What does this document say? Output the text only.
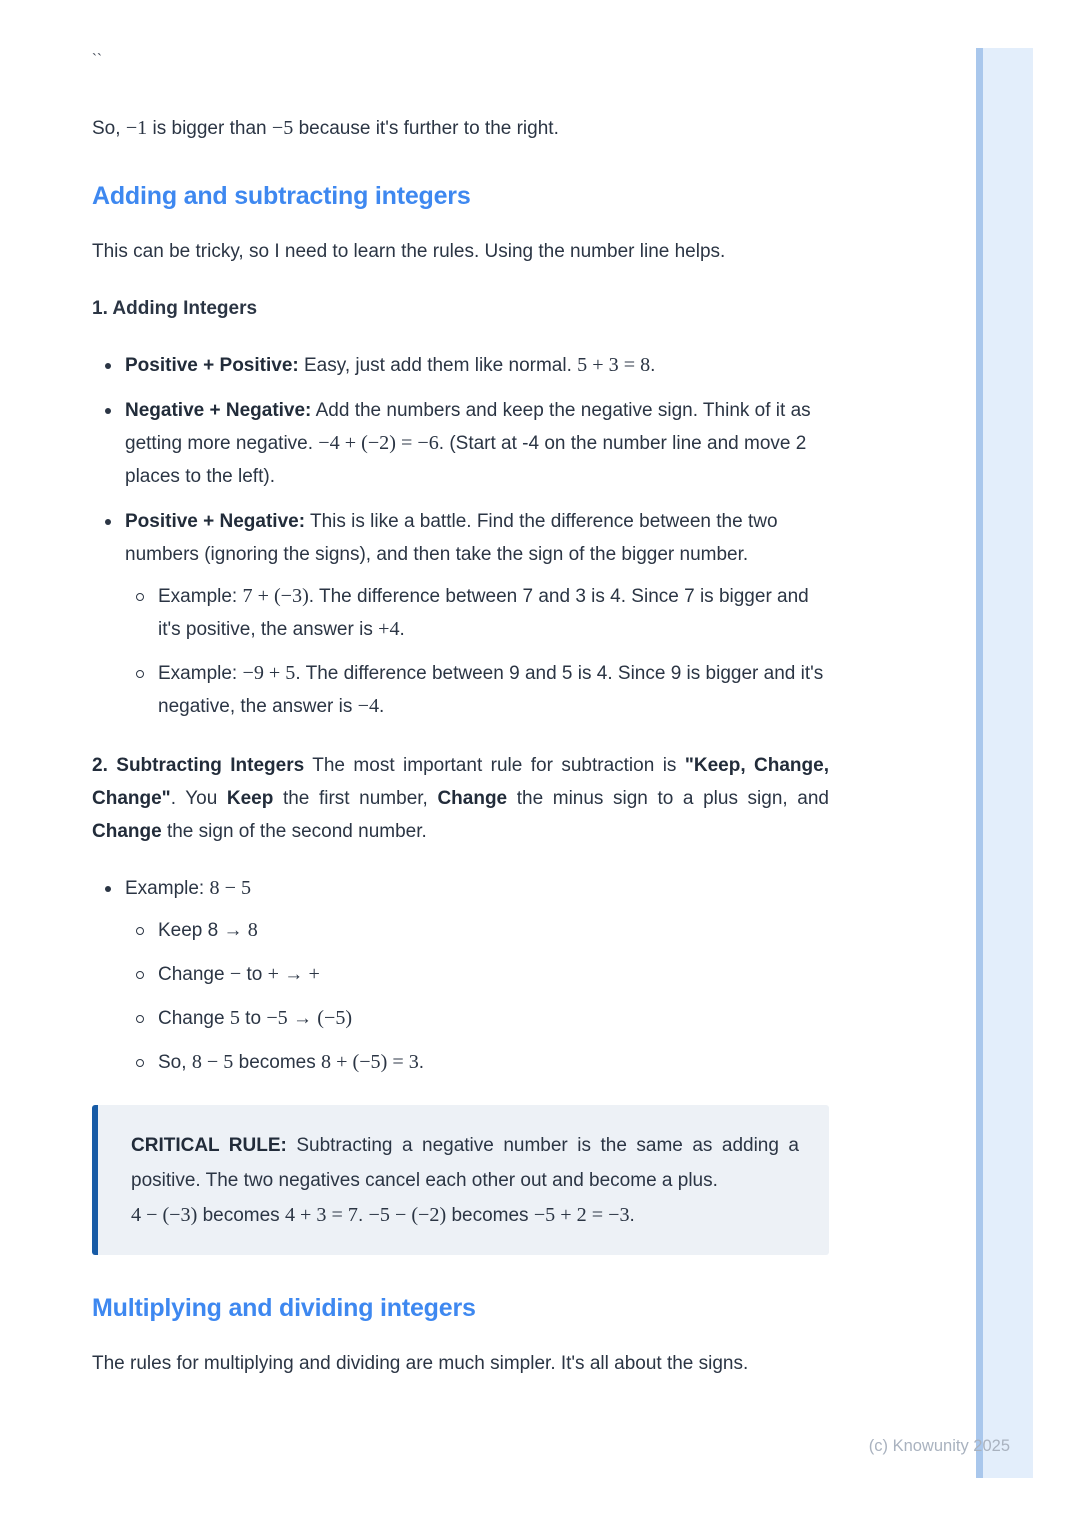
``

So, −1 is bigger than −5 because it's further to the right.

Adding and subtracting integers

This can be tricky, so I need to learn the rules. Using the number line helps.

1. Adding Integers

Positive + Positive: Easy, just add them like normal. 5 + 3 = 8.
Negative + Negative: Add the numbers and keep the negative sign. Think of it as getting more negative. −4 + (−2) = −6. (Start at -4 on the number line and move 2 places to the left).
Positive + Negative: This is like a battle. Find the difference between the two numbers (ignoring the signs), and then take the sign of the bigger number.
Example: 7 + (−3). The difference between 7 and 3 is 4. Since 7 is bigger and it's positive, the answer is +4.
Example: −9 + 5. The difference between 9 and 5 is 4. Since 9 is bigger and it's negative, the answer is −4.

2. Subtracting Integers The most important rule for subtraction is "Keep, Change, Change". You Keep the first number, Change the minus sign to a plus sign, and Change the sign of the second number.

Example: 8 − 5
Keep 8 → 8
Change − to + → +
Change 5 to −5 → (−5)
So, 8 − 5 becomes 8 + (−5) = 3.

CRITICAL RULE: Subtracting a negative number is the same as adding a positive. The two negatives cancel each other out and become a plus.

4 − (−3) becomes 4 + 3 = 7. −5 − (−2) becomes −5 + 2 = −3.

Multiplying and dividing integers

The rules for multiplying and dividing are much simpler. It's all about the signs.

(c) Knowunity 2025
